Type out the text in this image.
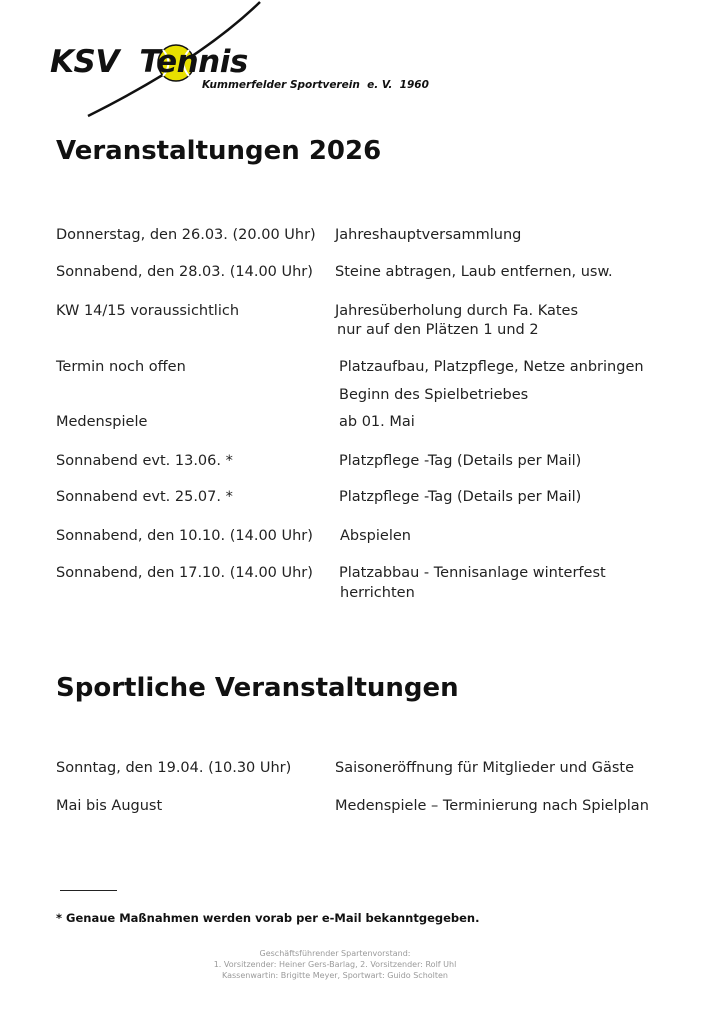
KSV  Tennis
Kummerfelder Sportverein  e. V.  1960
Veranstaltungen 2026
Donnerstag, den 26.03. (20.00 Uhr) Jahreshauptversammlung
Sonnabend, den 28.03. (14.00 Uhr) Steine abtragen, Laub entfernen, usw.
KW 14/15 voraussichtlich	Jahresüberholung durch Fa. Kates
nur auf den Plätzen 1 und 2
Termin noch offen	Platzaufbau, Platzpflege, Netze anbringen
Beginn des Spielbetriebes
Medenspiele	ab 01. Mai
Sonnabend evt. 13.06. *	Platzpflege -Tag (Details per Mail)
Sonnabend evt. 25.07. *	Platzpflege -Tag (Details per Mail)
Sonnabend, den 10.10. (14.00 Uhr) Abspielen
Sonnabend, den 17.10. (14.00 Uhr) Platzabbau - Tennisanlage winterfest
herrichten
Sportliche Veranstaltungen
Sonntag, den 19.04. (10.30 Uhr)	Saisoneröffnung für Mitglieder und Gäste
Mai bis August	Medenspiele – Terminierung nach Spielplan
* Genaue Maßnahmen werden vorab per e-Mail bekanntgegeben.
Geschäftsführender Spartenvorstand:
1. Vorsitzender: Heiner Gers-Barlag, 2. Vorsitzender: Rolf Uhl
Kassenwartin: Brigitte Meyer, Sportwart: Guido Scholten
